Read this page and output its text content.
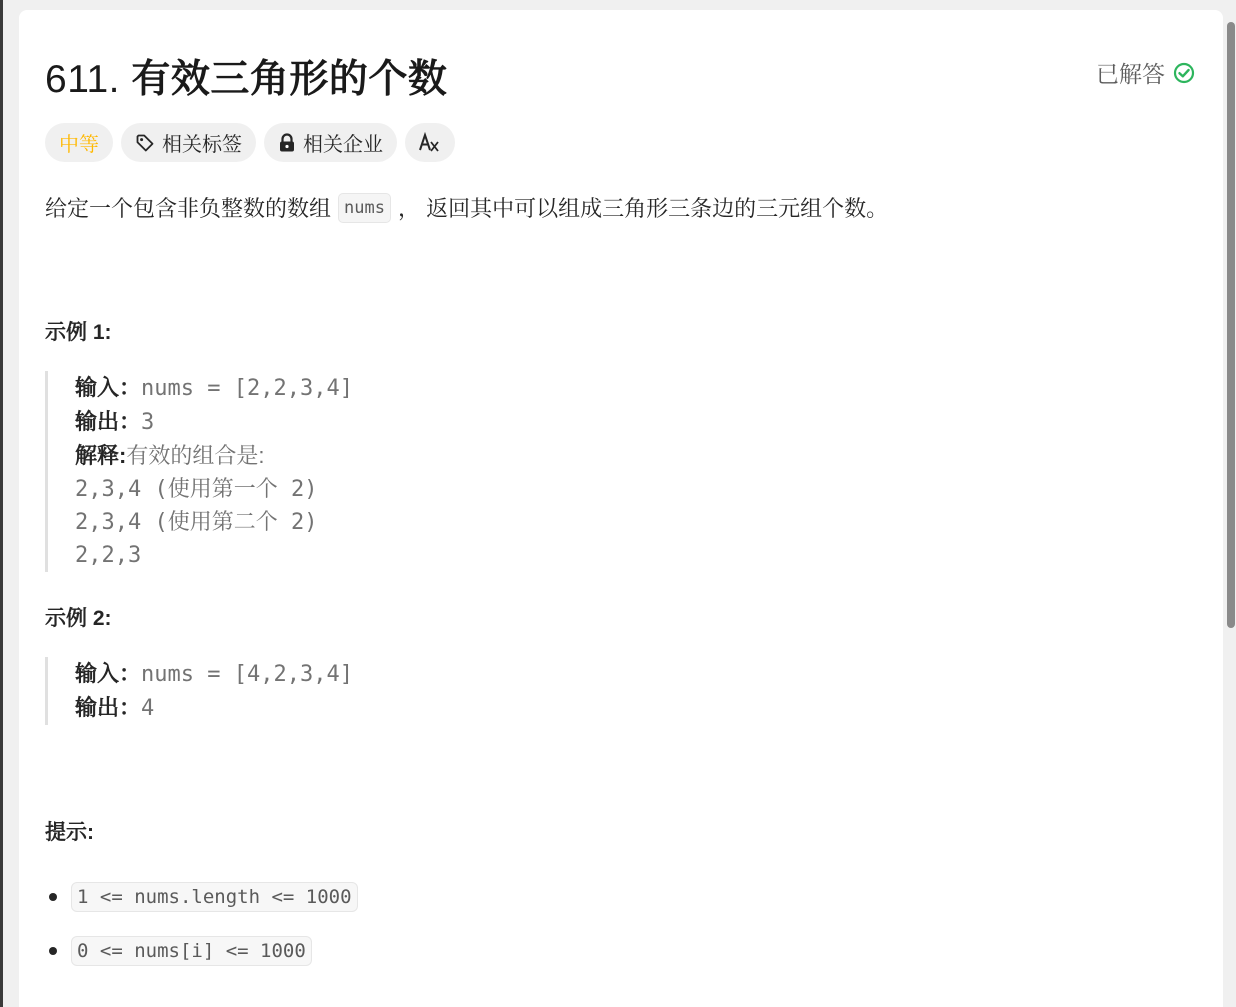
611. 有效三角形的个数	已解答
中等	相关标签	相关企业
给定一个包含非负整数的数组 nums ， 返回其中可以组成三角形三条边的三元组个数。
示例 1:
输入：nums = [2,2,3,4]
输出：3
解释:有效的组合是:
2,3,4 (使用第一个 2)
2,3,4 (使用第二个 2)
2,2,3
示例 2:
输入：nums = [4,2,3,4]
输出：4
提示:
1 <= nums.length <= 1000
0 <= nums[i] <= 1000
